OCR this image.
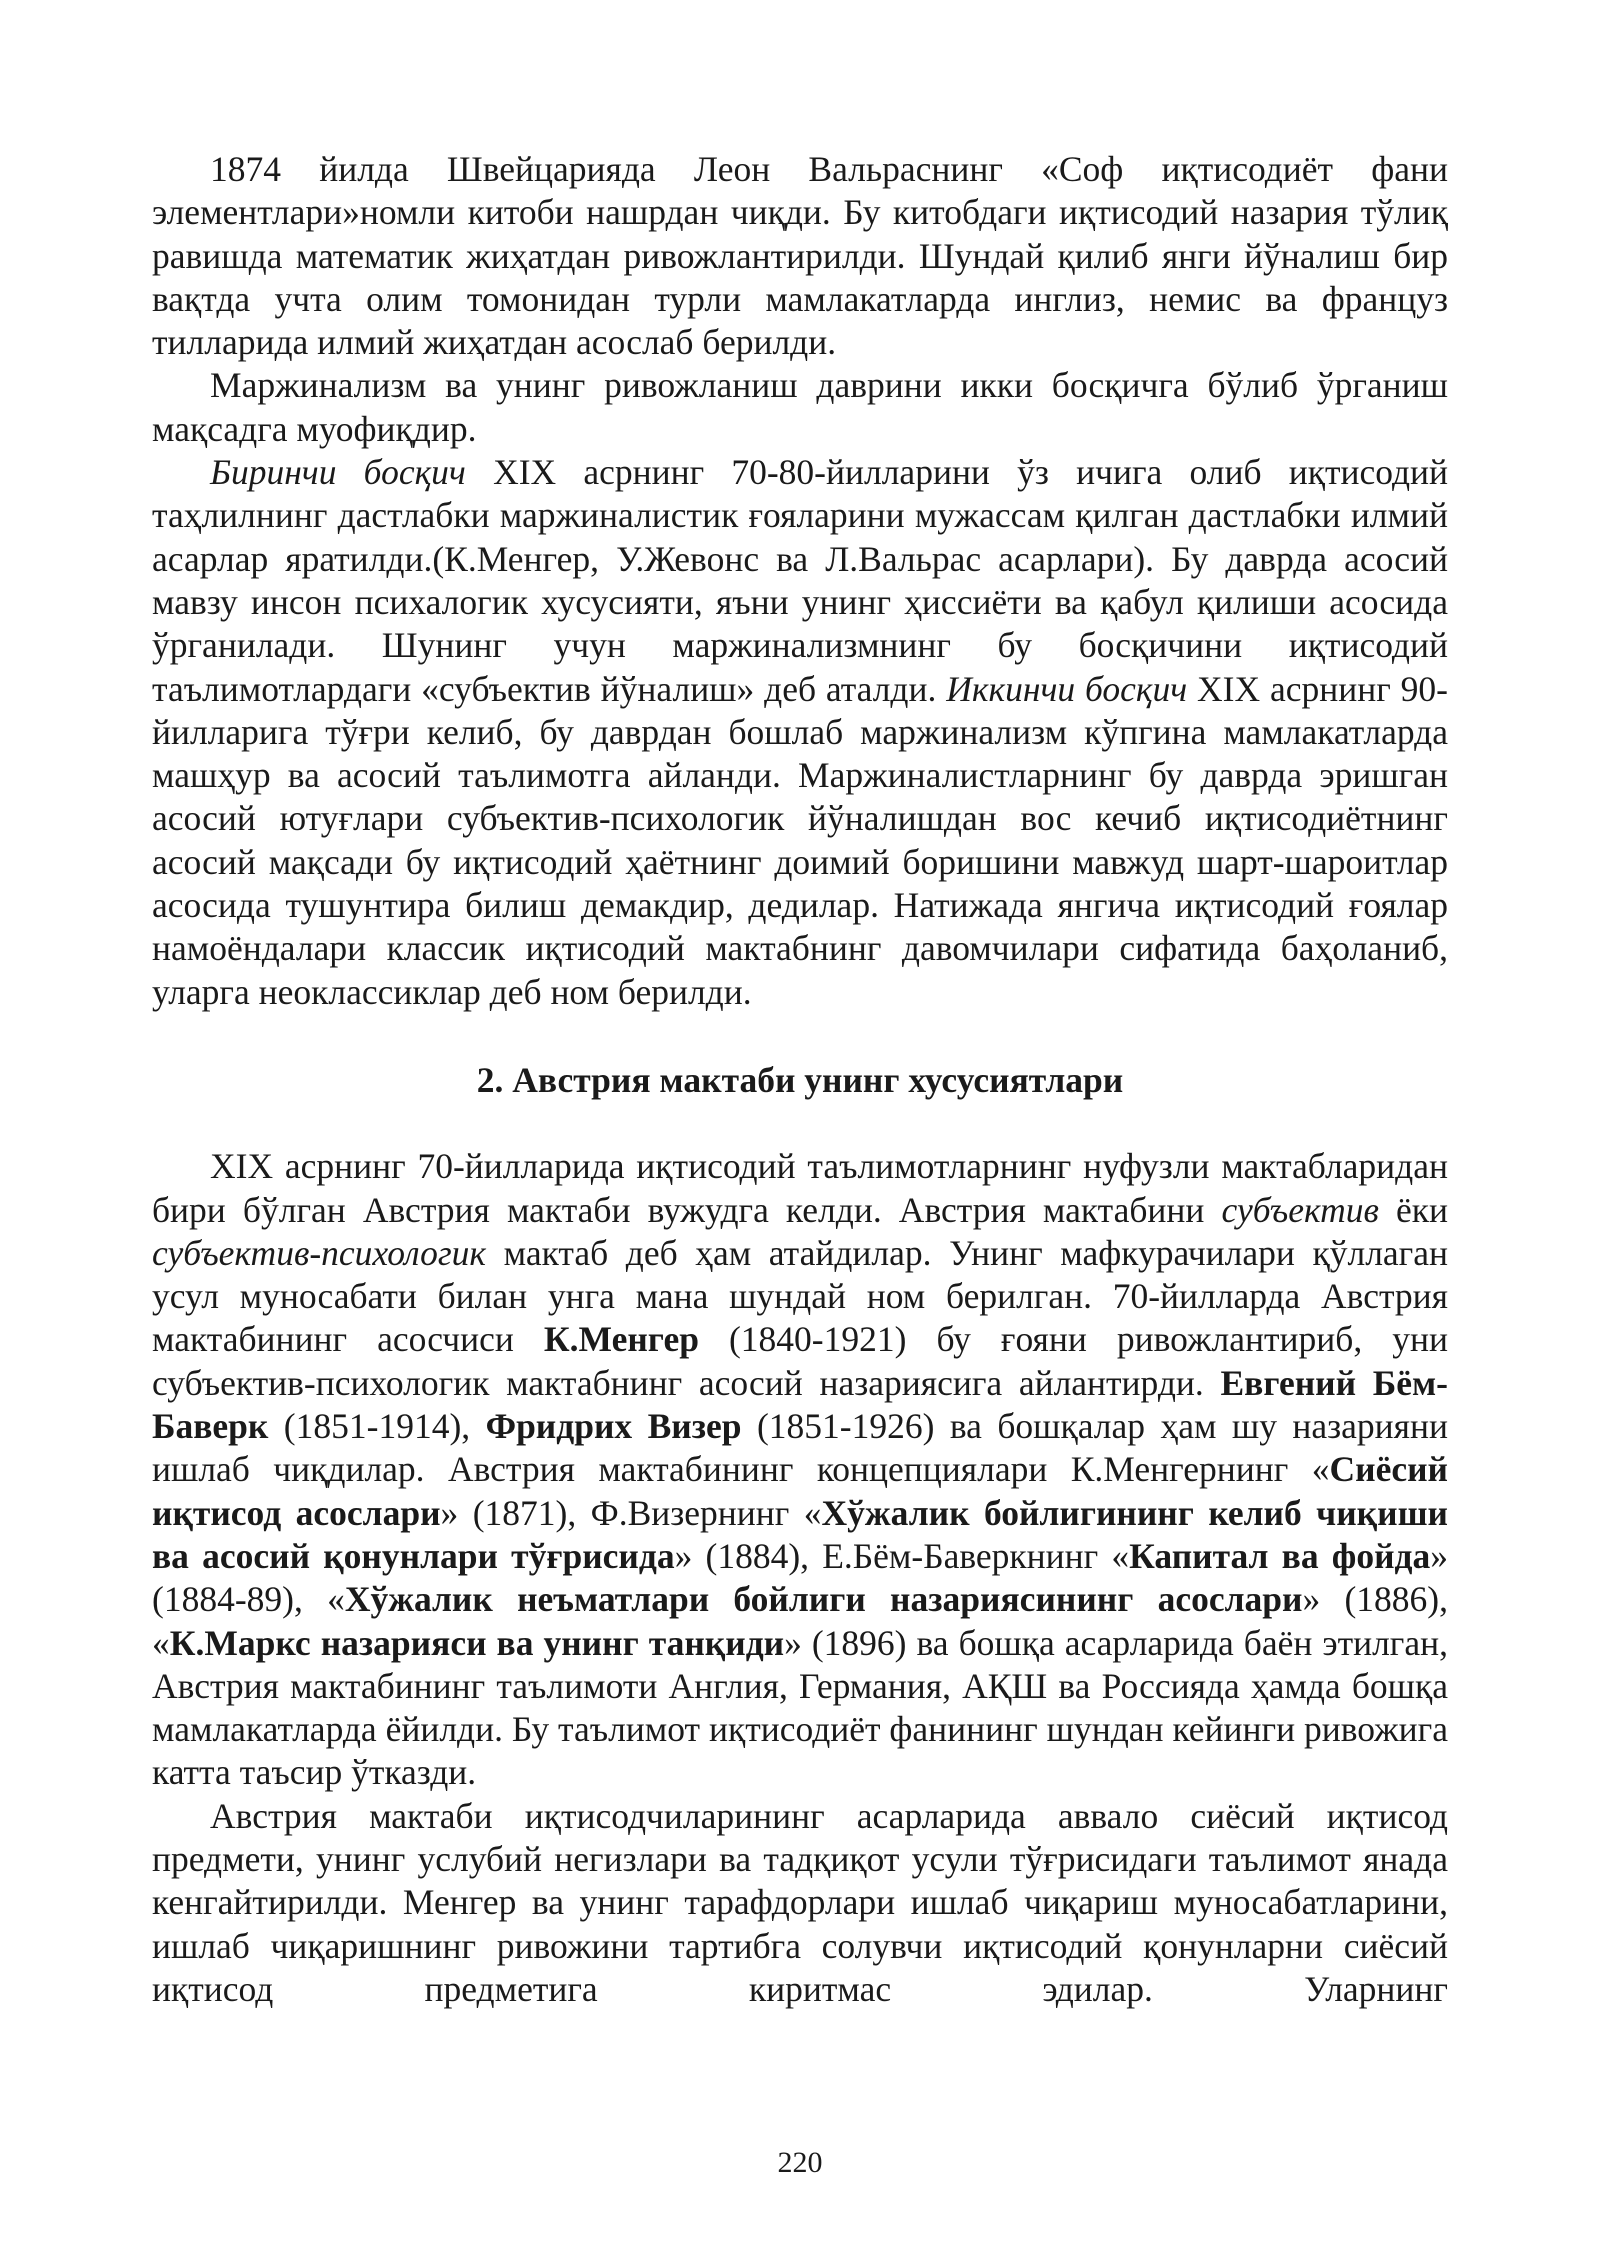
1874 йилда Швейцарияда Леон Вальраснинг «Соф иқтисодиёт фани элементлари»номли китоби нашрдан чиқди. Бу китобдаги иқтисодий назария тўлиқ равишда математик жиҳатдан ривожлантирилди. Шундай қилиб янги йўналиш бир вақтда учта олим томонидан турли мамлакатларда инглиз, немис ва француз тилларида илмий жиҳатдан асослаб берилди.

Маржинализм ва унинг ривожланиш даврини икки босқичга бўлиб ўрганиш мақсадга муофиқдир.

Биринчи босқич XIX асрнинг 70-80-йилларини ўз ичига олиб иқтисодий таҳлилнинг дастлабки маржиналистик ғояларини мужассам қилган дастлабки илмий асарлар яратилди.(К.Менгер, У.Жевонс ва Л.Вальрас асарлари). Бу даврда асосий мавзу инсон психалогик хусусияти, яъни унинг ҳиссиёти ва қабул қилиши асосида ўрганилади. Шунинг учун маржинализмнинг бу босқичини иқтисодий таълимотлардаги «субъектив йўналиш» деб аталди. Иккинчи босқич XIX асрнинг 90-йилларига тўғри келиб, бу даврдан бошлаб маржинализм кўпгина мамлакатларда машҳур ва асосий таълимотга айланди. Маржиналистларнинг бу даврда эришган асосий ютуғлари субъектив-психологик йўналишдан вос кечиб иқтисодиётнинг асосий мақсади бу иқтисодий ҳаётнинг доимий боришини мавжуд шарт-шароитлар асосида тушунтира билиш демакдир, дедилар. Натижада янгича иқтисодий ғоялар намоёндалари классик иқтисодий мактабнинг давомчилари сифатида баҳоланиб, уларга неоклассиклар деб ном берилди.

2. Австрия мактаби унинг хусусиятлари

XIX асрнинг 70-йилларида иқтисодий таълимотларнинг нуфузли мактабларидан бири бўлган Австрия мактаби вужудга келди. Австрия мактабини субъектив ёки субъектив-психологик мактаб деб ҳам атайдилар. Унинг мафкурачилари қўллаган усул муносабати билан унга мана шундай ном берилган. 70-йилларда Австрия мактабининг асосчиси К.Менгер (1840-1921) бу ғояни ривожлантириб, уни субъектив-психологик мактабнинг асосий назариясига айлантирди. Евгений Бём-Баверк (1851-1914), Фридрих Визер (1851-1926) ва бошқалар ҳам шу назарияни ишлаб чиқдилар. Австрия мактабининг концепциялари К.Менгернинг «Сиёсий иқтисод асослари» (1871), Ф.Визернинг «Хўжалик бойлигининг келиб чиқиши ва асосий қонунлари тўғрисида» (1884), Е.Бём-Баверкнинг «Капитал ва фойда» (1884-89), «Хўжалик неъматлари бойлиги назариясининг асослари» (1886), «К.Маркс назарияси ва унинг танқиди» (1896) ва бошқа асарларида баён этилган, Австрия мактабининг таълимоти Англия, Германия, АҚШ ва Россияда ҳамда бошқа мамлакатларда ёйилди. Бу таълимот иқтисодиёт фанининг шундан кейинги ривожига катта таъсир ўтказди.

Австрия мактаби иқтисодчиларининг асарларида аввало сиёсий иқтисод предмети, унинг услубий негизлари ва тадқиқот усули тўғрисидаги таълимот янада кенгайтирилди. Менгер ва унинг тарафдорлари ишлаб чиқариш муносабатларини, ишлаб чиқаришнинг ривожини тартибга солувчи иқтисодий қонунларни сиёсий иқтисод предметига киритмас эдилар. Уларнинг

220
